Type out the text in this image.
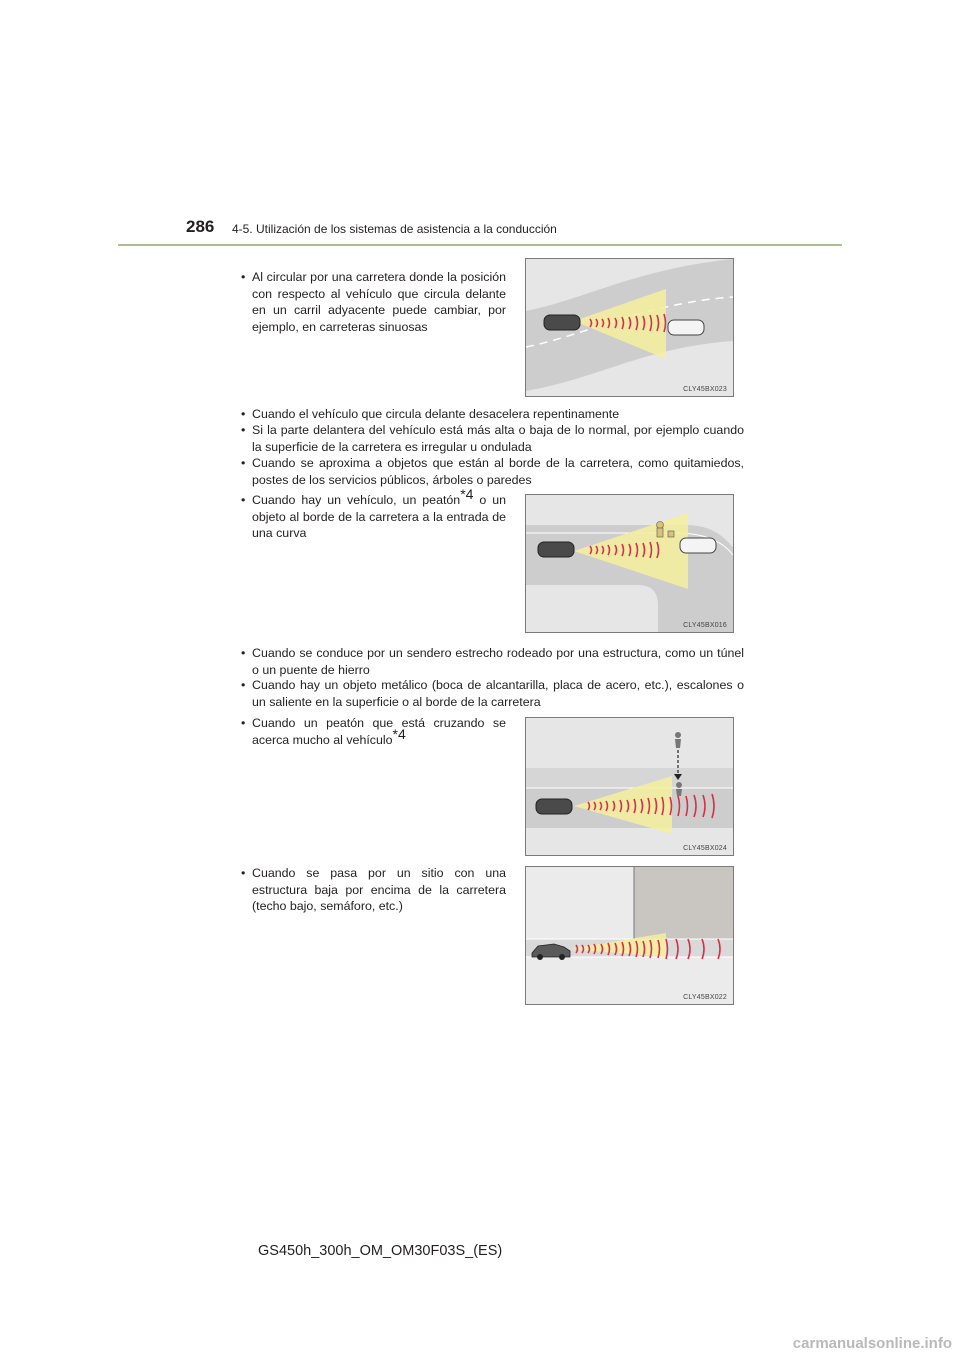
286 4-5. Utilización de los sistemas de asistencia a la conducción
• Al circular por una carretera donde la posición con respecto al vehículo que circula delante en un carril adyacente puede cambiar, por ejemplo, en carreteras sinuosas
CLY45BX023
• Cuando el vehículo que circula delante desacelera repentinamente
• Si la parte delantera del vehículo está más alta o baja de lo normal, por ejemplo cuando la superficie de la carretera es irregular u ondulada
• Cuando se aproxima a objetos que están al borde de la carretera, como quitamiedos, postes de los servicios públicos, árboles o paredes
• Cuando hay un vehículo, un peatón$^{*4}$ o un objeto al borde de la carretera a la entrada de una curva
CLY45BX016
• Cuando se conduce por un sendero estrecho rodeado por una estructura, como un túnel o un puente de hierro
• Cuando hay un objeto metálico (boca de alcantarilla, placa de acero, etc.), escalones o un saliente en la superficie o al borde de la carretera
• Cuando un peatón que está cruzando se acerca mucho al vehículo$^{*4}$
CLY45BX024
• Cuando se pasa por un sitio con una estructura baja por encima de la carretera (techo bajo, semáforo, etc.)
CLY45BX022
GS450h_300h_OM_OM30F03S_(ES)
carmanualsonline.info
